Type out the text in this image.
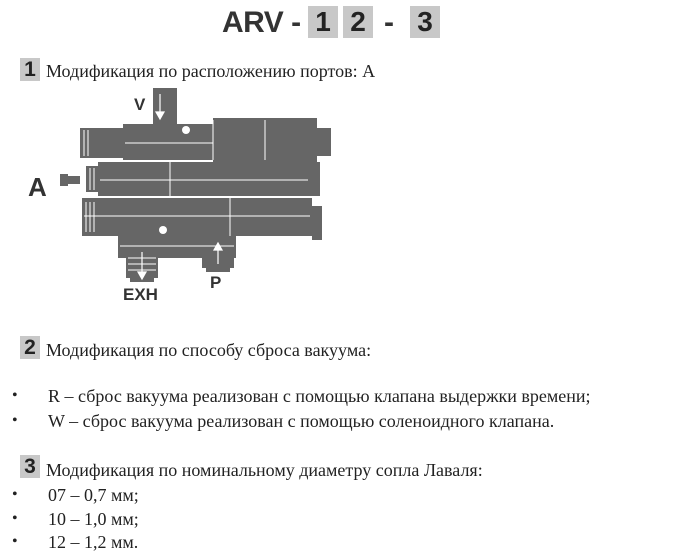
ARV - 1 2 - 3
1 Модификация по расположению портов: А
A
V
EXH
P
2 Модификация по способу сброса вакуума:
• R – сброс вакуума реализован с помощью клапана выдержки времени;
• W – сброс вакуума реализован с помощью соленоидного клапана.
3 Модификация по номинальному диаметру сопла Лаваля:
• 07 – 0,7 мм;
• 10 – 1,0 мм;
• 12 – 1,2 мм.
